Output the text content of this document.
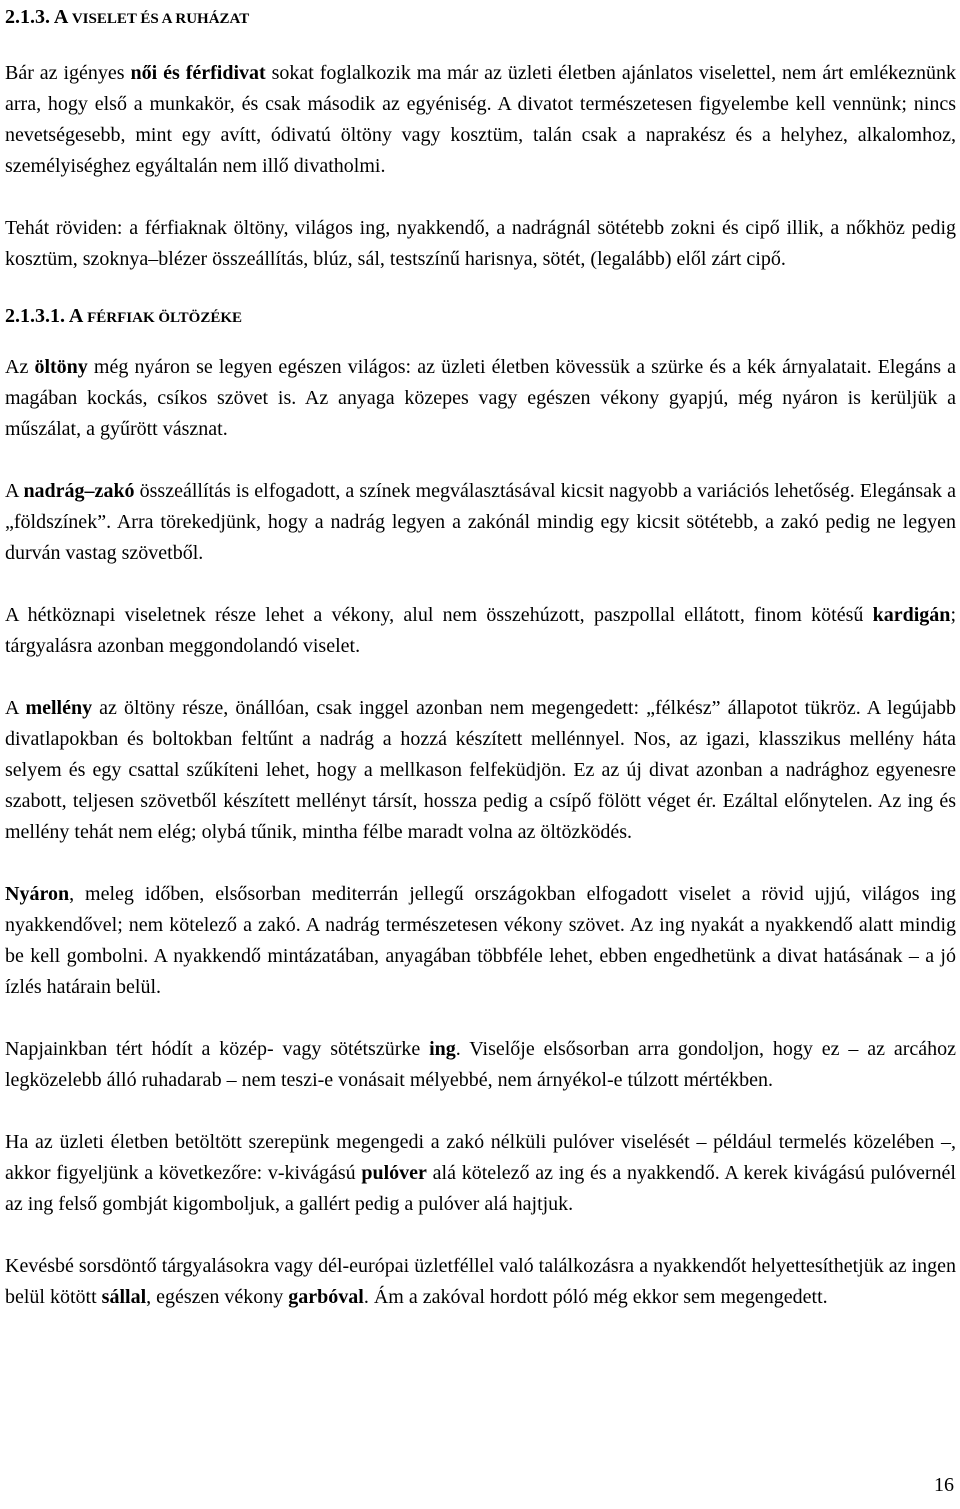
2.1.3. A VISELET ÉS A RUHÁZAT

Bár az igényes női és férfidivat sokat foglalkozik ma már az üzleti életben ajánlatos viselettel, nem árt emlékeznünk arra, hogy első a munkakör, és csak második az egyéniség. A divatot természetesen figyelembe kell vennünk; nincs nevetségesebb, mint egy avítt, ódivatú öltöny vagy kosztüm, talán csak a naprakész és a helyhez, alkalomhoz, személyiséghez egyáltalán nem illő divatholmi.

Tehát röviden: a férfiaknak öltöny, világos ing, nyakkendő, a nadrágnál sötétebb zokni és cipő illik, a nőkhöz pedig kosztüm, szoknya–blézer összeállítás, blúz, sál, testszínű harisnya, sötét, (legalább) elől zárt cipő.

2.1.3.1. A FÉRFIAK ÖLTÖZÉKE

Az öltöny még nyáron se legyen egészen világos: az üzleti életben kövessük a szürke és a kék árnyalatait. Elegáns a magában kockás, csíkos szövet is. Az anyaga közepes vagy egészen vékony gyapjú, még nyáron is kerüljük a műszálat, a gyűrött vásznat.

A nadrág–zakó összeállítás is elfogadott, a színek megválasztásával kicsit nagyobb a variációs lehetőség. Elegánsak a „földszínek”. Arra törekedjünk, hogy a nadrág legyen a zakónál mindig egy kicsit sötétebb, a zakó pedig ne legyen durván vastag szövetből.

A hétköznapi viseletnek része lehet a vékony, alul nem összehúzott, paszpollal ellátott, finom kötésű kardigán; tárgyalásra azonban meggondolandó viselet.

A mellény az öltöny része, önállóan, csak inggel azonban nem megengedett: „félkész” állapotot tükröz. A legújabb divatlapokban és boltokban feltűnt a nadrág a hozzá készített mellénnyel. Nos, az igazi, klasszikus mellény háta selyem és egy csattal szűkíteni lehet, hogy a mellkason felfeküdjön. Ez az új divat azonban a nadrághoz egyenesre szabott, teljesen szövetből készített mellényt társít, hossza pedig a csípő fölött véget ér. Ezáltal előnytelen. Az ing és mellény tehát nem elég; olybá tűnik, mintha félbe maradt volna az öltözködés.

Nyáron, meleg időben, elsősorban mediterrán jellegű országokban elfogadott viselet a rövid ujjú, világos ing nyakkendővel; nem kötelező a zakó. A nadrág természetesen vékony szövet. Az ing nyakát a nyakkendő alatt mindig be kell gombolni. A nyakkendő mintázatában, anyagában többféle lehet, ebben engedhetünk a divat hatásának – a jó ízlés határain belül.

Napjainkban tért hódít a közép- vagy sötétszürke ing. Viselője elsősorban arra gondoljon, hogy ez – az arcához legközelebb álló ruhadarab – nem teszi-e vonásait mélyebbé, nem árnyékol-e túlzott mértékben.

Ha az üzleti életben betöltött szerepünk megengedi a zakó nélküli pulóver viselését – például termelés közelében –, akkor figyeljünk a következőre: v-kivágású pulóver alá kötelező az ing és a nyakkendő. A kerek kivágású pulóvernél az ing felső gombját kigomboljuk, a gallért pedig a pulóver alá hajtjuk.

Kevésbé sorsdöntő tárgyalásokra vagy dél-európai üzletféllel való találkozásra a nyakkendőt helyettesíthetjük az ingen belül kötött sállal, egészen vékony garbóval. Ám a zakóval hordott póló még ekkor sem megengedett.

16
